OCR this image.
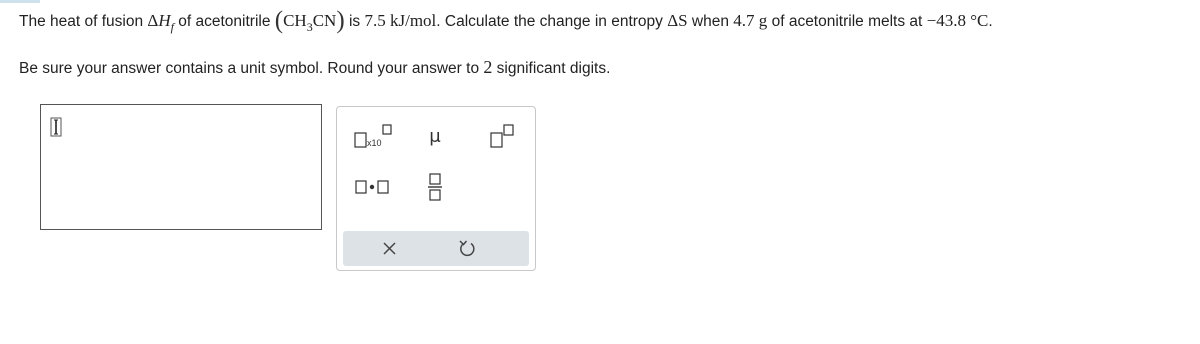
The heat of fusion $\Delta H_f$ of acetonitrile $(CH_3CN)$ is 7.5 kJ/mol. Calculate the change in entropy ΔS when 4.7 g of acetonitrile melts at −43.8 °C.
Be sure your answer contains a unit symbol. Round your answer to 2 significant digits.
x10	μ
